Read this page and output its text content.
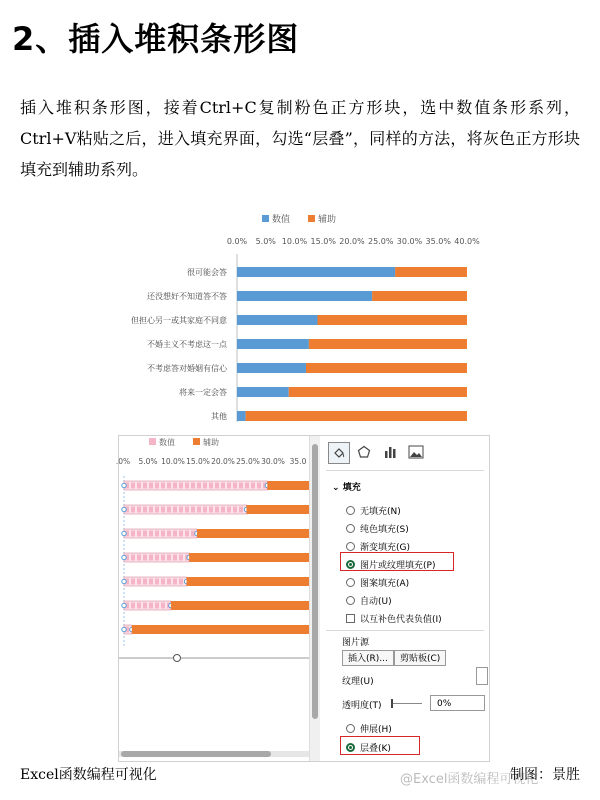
2、插入堆积条形图
插入堆积条形图，接着Ctrl+C复制粉色正方形块，选中数值条形系列，Ctrl+V粘贴之后，进入填充界面，勾选“层叠”，同样的方法，将灰色正方形块填充到辅助系列。
数值	辅助
0.0% 5.0% 10.0% 15.0% 20.0% 25.0% 30.0% 35.0% 40.0%
很可能会答
还没想好不知道答不答
但担心另一或其家庭不同意
不婚主义不考虑这一点
不考虑答对婚姻有信心
将来一定会答
其他
数值	辅助
.0% 5.0% 10.0% 15.0% 20.0% 25.0% 30.0% 35.0
⌄ 填充
无填充(N)
纯色填充(S)
渐变填充(G)
图片或纹理填充(P)
图案填充(A)
自动(U)
以互补色代表负值(I)
图片源
插入(R)...	剪贴板(C)
纹理(U)
透明度(T)	0%
伸展(H)
层叠(K)
Excel函数编程可视化	@Excel函数编程可视化
制图：景胜
